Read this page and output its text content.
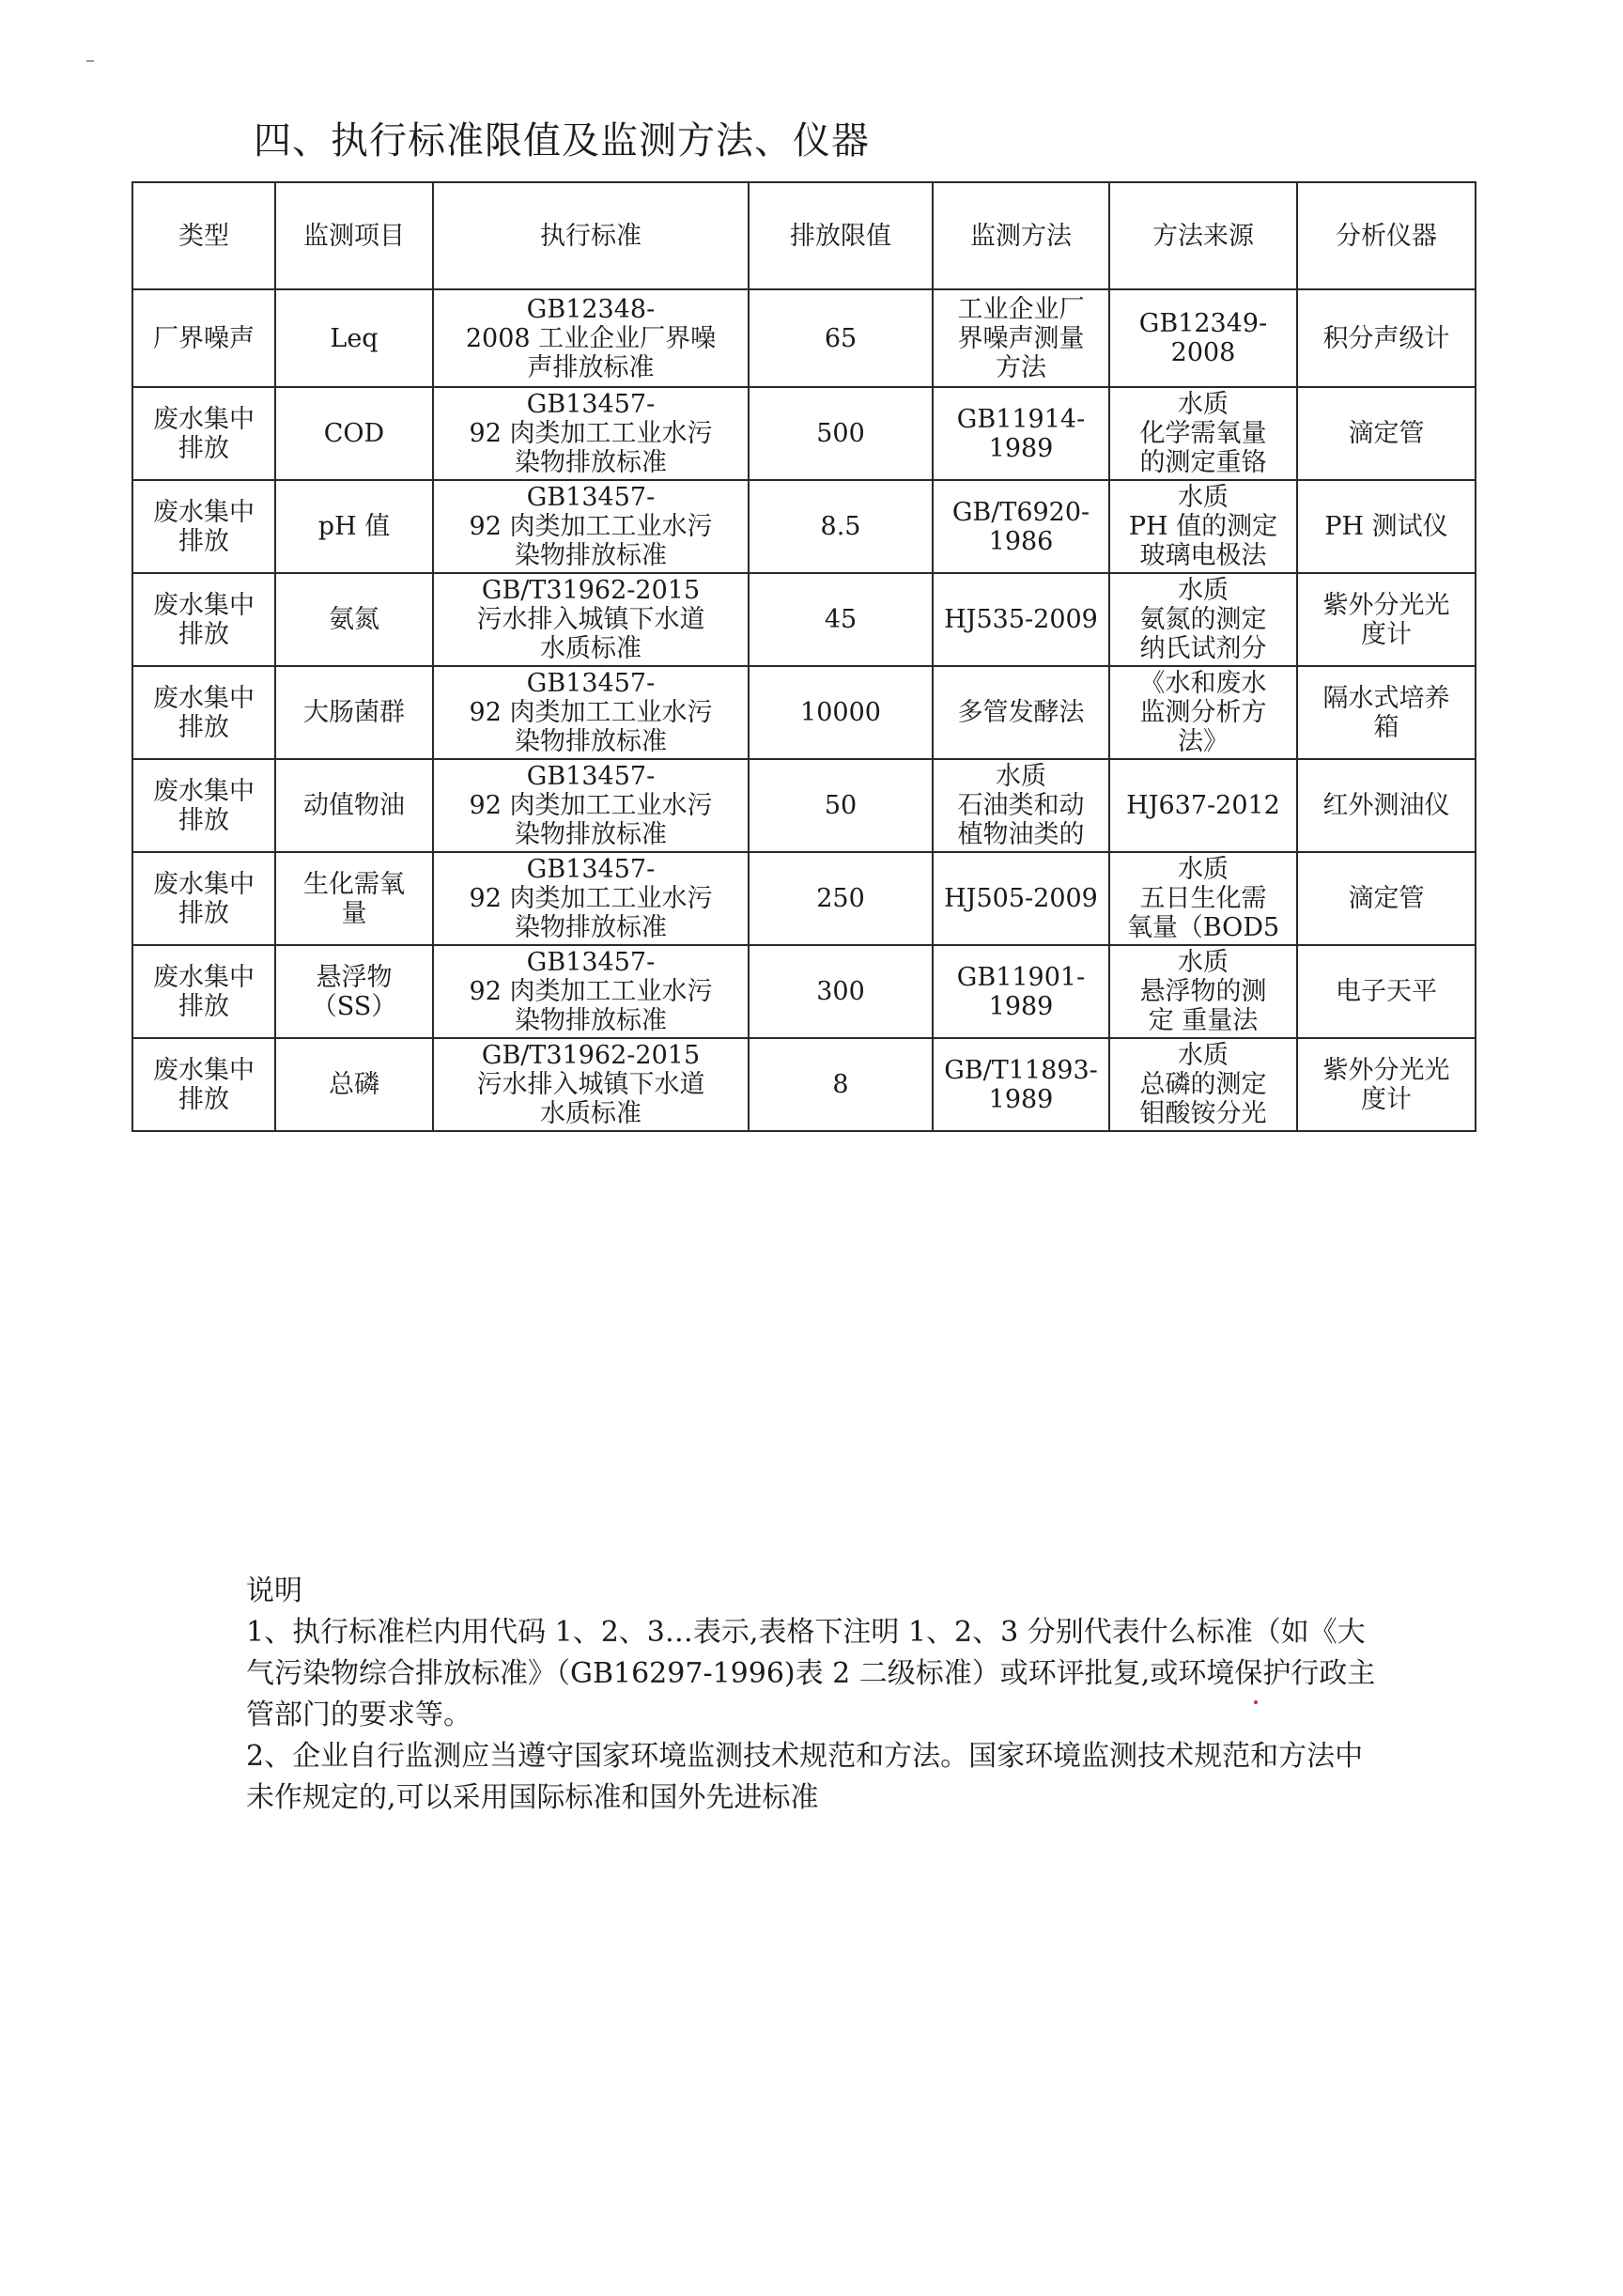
四、执行标准限值及监测方法、仪器
类型	监测项目	执行标准	排放限值	监测方法	方法来源	分析仪器

厂界噪声	Leq	GB12348-
2008 工业企业厂界噪
声排放标准	65	工业企业厂
界噪声测量
方法	GB12349-
2008	积分声级计

废水集中
排放	COD	GB13457-
92 肉类加工工业水污
染物排放标准	500	GB11914-
1989	水质
化学需氧量
的测定重铬	滴定管

废水集中
排放	pH 值	GB13457-
92 肉类加工工业水污
染物排放标准	8.5	GB/T6920-
1986	水质
PH 值的测定
玻璃电极法	PH 测试仪

废水集中
排放	氨氮	GB/T31962-2015
污水排入城镇下水道
水质标准	45	HJ535-2009	水质
氨氮的测定
纳氏试剂分	紫外分光光
度计

废水集中
排放	大肠菌群	GB13457-
92 肉类加工工业水污
染物排放标准	10000	多管发酵法	《水和废水
监测分析方
法》	隔水式培养
箱

废水集中
排放	动值物油	GB13457-
92 肉类加工工业水污
染物排放标准	50	水质
石油类和动
植物油类的	HJ637-2012	红外测油仪

废水集中
排放	生化需氧
量	GB13457-
92 肉类加工工业水污
染物排放标准	250	HJ505-2009	水质
五日生化需
氧量（BOD5	滴定管

废水集中
排放	悬浮物
（SS）	GB13457-
92 肉类加工工业水污
染物排放标准	300	GB11901-
1989	水质
悬浮物的测
定 重量法	电子天平

废水集中
排放	总磷	GB/T31962-2015
污水排入城镇下水道
水质标准	8	GB/T11893-
1989	水质
总磷的测定
钼酸铵分光	紫外分光光
度计

说明

1、执行标准栏内用代码 1、2、3…表示,表格下注明 1、2、3 分别代表什么标准（如《大气污染物综合排放标准》（GB16297-1996)表 2 二级标准）或环评批复,或环境保护行政主管部门的要求等。

2、企业自行监测应当遵守国家环境监测技术规范和方法。国家环境监测技术规范和方法中未作规定的,可以采用国际标准和国外先进标准
